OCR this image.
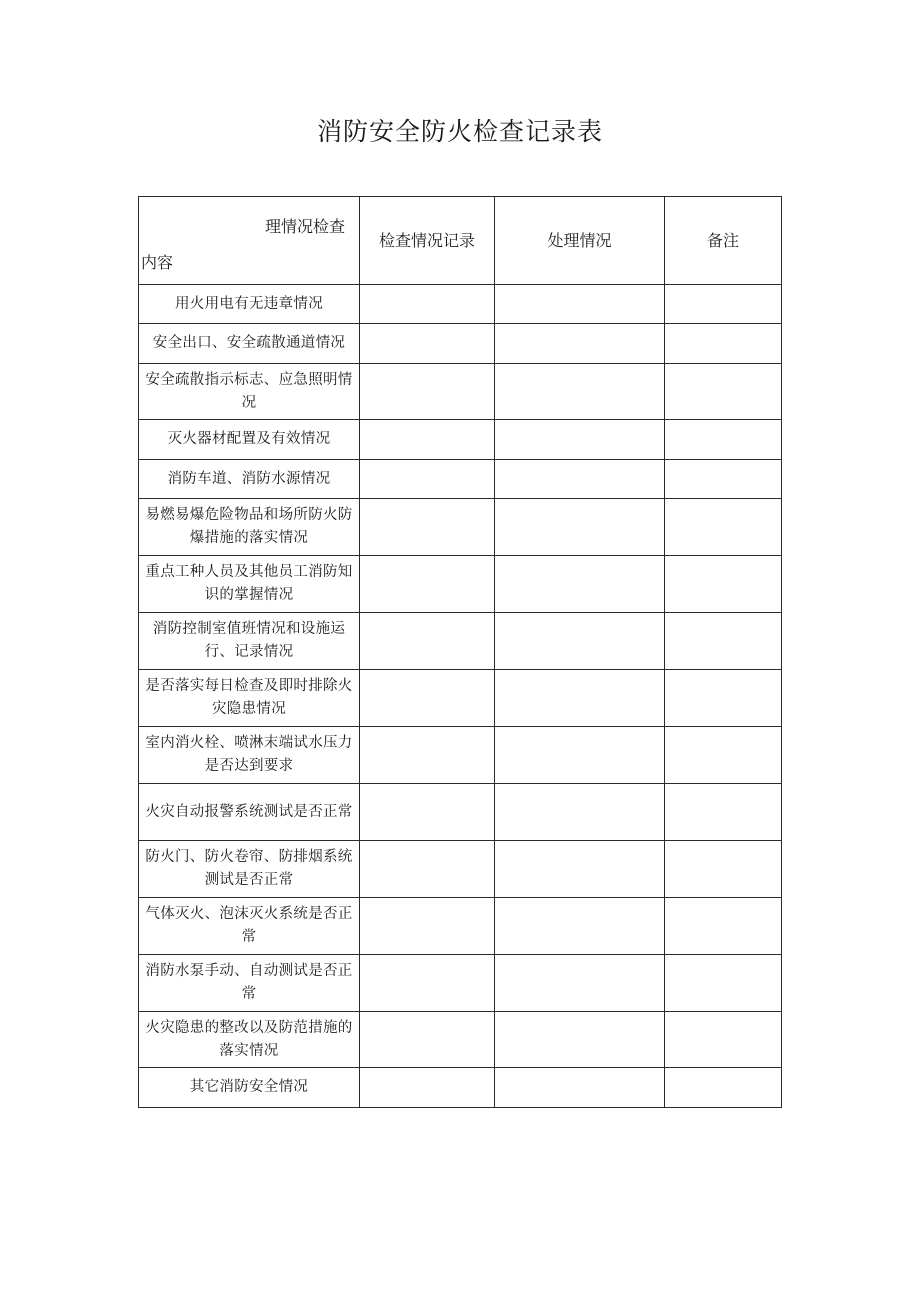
消防安全防火检查记录表
理情况检查
内容	检查情况记录	处理情况	备注
用火用电有无违章情况			
安全出口、安全疏散通道情况			
安全疏散指示标志、应急照明情况			
灭火器材配置及有效情况			
消防车道、消防水源情况			
易燃易爆危险物品和场所防火防爆措施的落实情况			
重点工种人员及其他员工消防知识的掌握情况			
消防控制室值班情况和设施运行、记录情况			
是否落实每日检查及即时排除火灾隐患情况			
室内消火栓、喷淋末端试水压力是否达到要求			
火灾自动报警系统测试是否正常			
防火门、防火卷帘、防排烟系统测试是否正常			
气体灭火、泡沫灭火系统是否正常			
消防水泵手动、自动测试是否正常			
火灾隐患的整改以及防范措施的落实情况			
其它消防安全情况			
